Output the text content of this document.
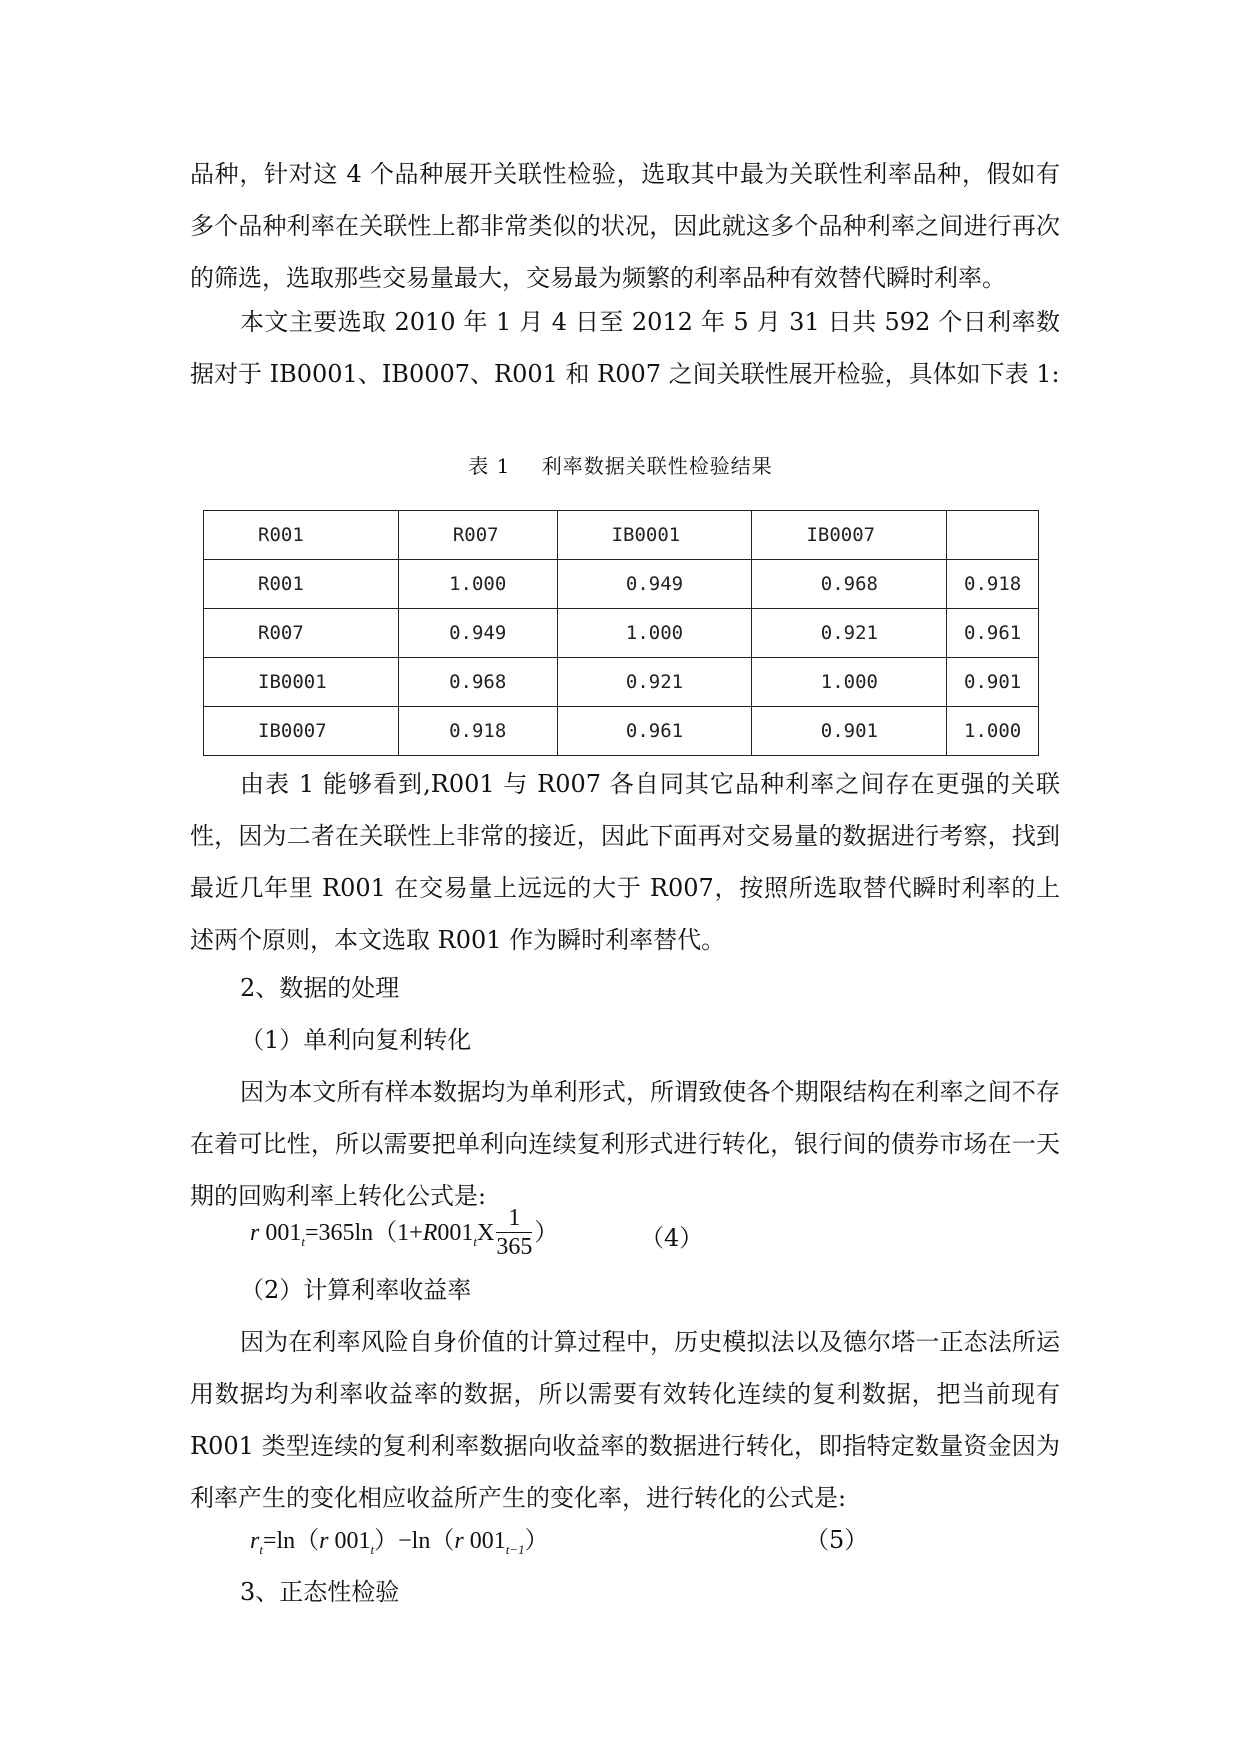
品种，针对这 4 个品种展开关联性检验，选取其中最为关联性利率品种，假如有多个品种利率在关联性上都非常类似的状况，因此就这多个品种利率之间进行再次的筛选，选取那些交易量最大，交易最为频繁的利率品种有效替代瞬时利率。
本文主要选取 2010 年 1 月 4 日至 2012 年 5 月 31 日共 592 个日利率数据对于 IB0001、IB0007、R001 和 R007 之间关联性展开检验，具体如下表 1:
表 1 利率数据关联性检验结果
R001	R007	IB0001	IB0007	
R001	1.000	0.949	0.968	0.918
R007	0.949	1.000	0.921	0.961
IB0001	0.968	0.921	1.000	0.901
IB0007	0.918	0.961	0.901	1.000
由表 1 能够看到,R001 与 R007 各自同其它品种利率之间存在更强的关联性，因为二者在关联性上非常的接近，因此下面再对交易量的数据进行考察，找到最近几年里 R001 在交易量上远远的大于 R007，按照所选取替代瞬时利率的上述两个原则，本文选取 R001 作为瞬时利率替代。
2、数据的处理
（1）单利向复利转化
因为本文所有样本数据均为单利形式，所谓致使各个期限结构在利率之间不存在着可比性，所以需要把单利向连续复利形式进行转化，银行间的债券市场在一天期的回购利率上转化公式是:
r $001_t=365\ln(1+R001_tX \frac{1}{365}$ ）	（4）
（2）计算利率收益率
因为在利率风险自身价值的计算过程中，历史模拟法以及德尔塔一正态法所运用数据均为利率收益率的数据，所以需要有效转化连续的复利数据，把当前现有 R001 类型连续的复利利率数据向收益率的数据进行转化，即指特定数量资金因为利率产生的变化相应收益所产生的变化率，进行转化的公式是:
$r_t=\ln(r$ $001_t)-\ln(r$ $001_{t-1}$）	（5）
3、正态性检验
